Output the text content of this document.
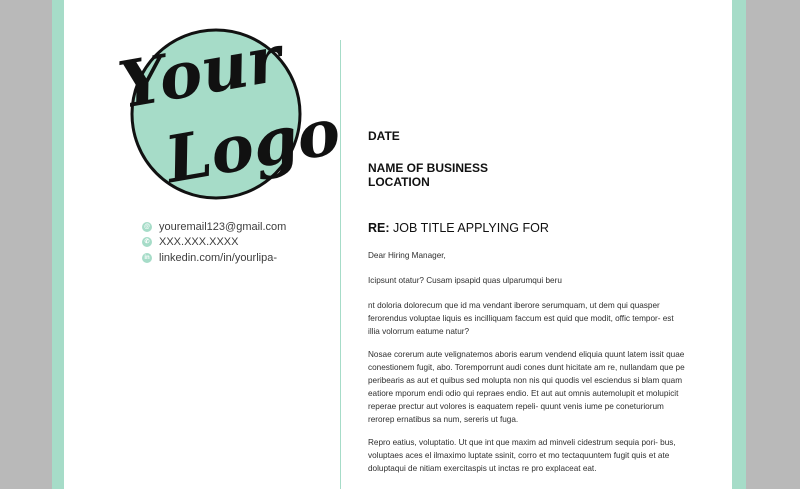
Your
Logo
@ youremail123@gmail.com
✆ XXX.XXX.XXXX
in linkedin.com/in/yourlipa-
DATE
NAME OF BUSINESS
LOCATION
RE: JOB TITLE APPLYING FOR
Dear Hiring Manager,
Icipsunt otatur? Cusam ipsapid quas ulparumqui beru
nt doloria dolorecum que id ma vendant iberore serumquam, ut dem qui quasper ferorendus voluptae liquis es incilliquam faccum est quid que modit, offic tempor- est illia volorrum eatume natur?
Nosae corerum aute velignatemos aboris earum vendend eliquia quunt latem issit quae conestionem fugit, abo. Toremporrunt audi cones dunt hicitate am re, nullandam que pe peribearis as aut et quibus sed molupta non nis qui quodis vel esciendus si blam quam eatiore mporum endi odio qui repraes endio. Et aut aut omnis autemolupit et molupicit reperae prectur aut volores is eaquatem repeli- quunt venis iume pe coneturiorum rerorep ernatibus sa num, sereris ut fuga.
Repro eatius, voluptatio. Ut que int que maxim ad minveli cidestrum sequia pori- bus, voluptaes aces el ilmaximo luptate ssinit, corro et mo tectaquuntem fugit quis et ate doluptaqui de nitiam exercitaspis ut inctas re pro explaceat eat.
